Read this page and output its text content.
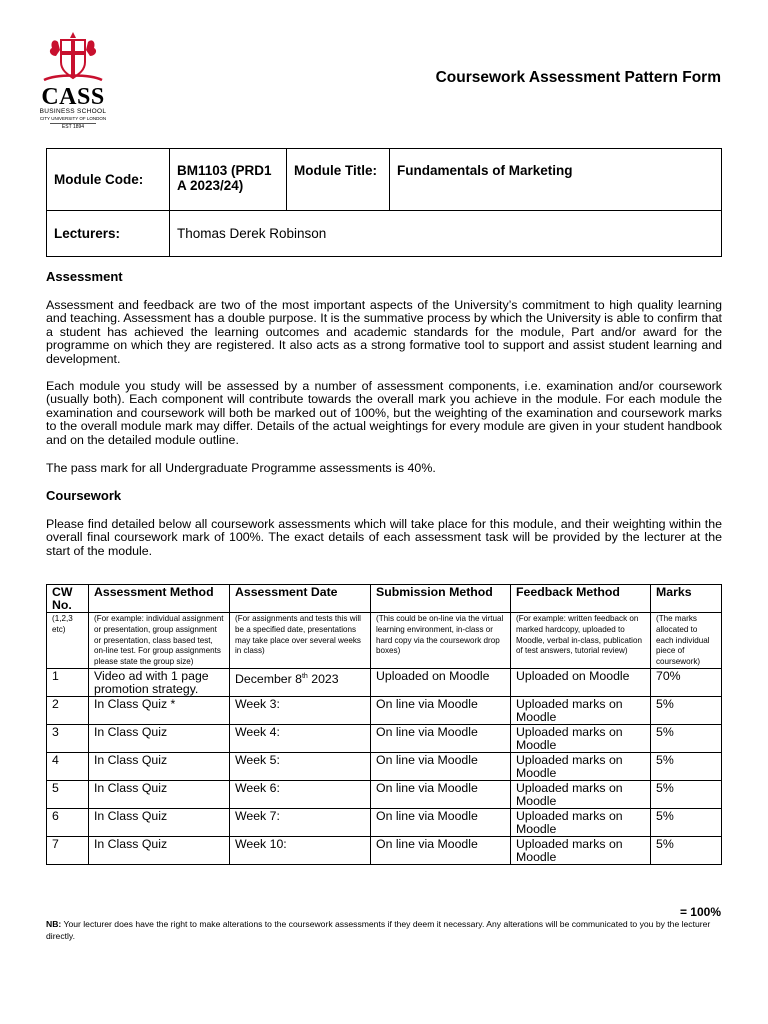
CASS
BUSINESS SCHOOL
CITY UNIVERSITY OF LONDON
EST 1894
Coursework Assessment Pattern Form
Module Code:	BM1103 (PRD1 A 2023/24)	Module Title:	Fundamentals of Marketing
Lecturers:	Thomas Derek Robinson		
Assessment

Assessment and feedback are two of the most important aspects of the University’s commitment to high quality learning and teaching. Assessment has a double purpose. It is the summative process by which the University is able to confirm that a student has achieved the learning outcomes and academic standards for the module, Part and/or award for the programme on which they are registered. It also acts as a strong formative tool to support and assist student learning and development.

Each module you study will be assessed by a number of assessment components, i.e. examination and/or coursework (usually both). Each component will contribute towards the overall mark you achieve in the module. For each module the examination and coursework will both be marked out of 100%, but the weighting of the examination and coursework marks to the overall module mark may differ. Details of the actual weightings for every module are given in your student handbook and on the detailed module outline.

The pass mark for all Undergraduate Programme assessments is 40%.

Coursework

Please find detailed below all coursework assessments which will take place for this module, and their weighting within the overall final coursework mark of 100%. The exact details of each assessment task will be provided by the lecturer at the start of the module.

CW No.	Assessment Method	Assessment Date	Submission Method	Feedback Method	Marks
(1,2,3 etc)	(For example: individual assignment or presentation, group assignment or presentation, class based test, on-line test. For group assignments please state the group size)	(For assignments and tests this will be a specified date, presentations may take place over several weeks in class)	(This could be on-line via the virtual learning environment, in-class or hard copy via the coursework drop boxes)	(For example: written feedback on marked hardcopy, uploaded to Moodle, verbal in-class, publication of test answers, tutorial review)	(The marks allocated to each individual piece of coursework)
1	Video ad with 1 page promotion strategy.	December 8th 2023	Uploaded on Moodle	Uploaded on Moodle	70%
2	In Class Quiz *	Week 3:	On line via Moodle	Uploaded marks on Moodle	5%
3	In Class Quiz	Week 4:	On line via Moodle	Uploaded marks on Moodle	5%
4	In Class Quiz	Week 5:	On line via Moodle	Uploaded marks on Moodle	5%
5	In Class Quiz	Week 6:	On line via Moodle	Uploaded marks on Moodle	5%
6	In Class Quiz	Week 7:	On line via Moodle	Uploaded marks on Moodle	5%
7	In Class Quiz	Week 10:	On line via Moodle	Uploaded marks on Moodle	5%
= 100%
NB: Your lecturer does have the right to make alterations to the coursework assessments if they deem it necessary. Any alterations will be communicated to you by the lecturer directly.
